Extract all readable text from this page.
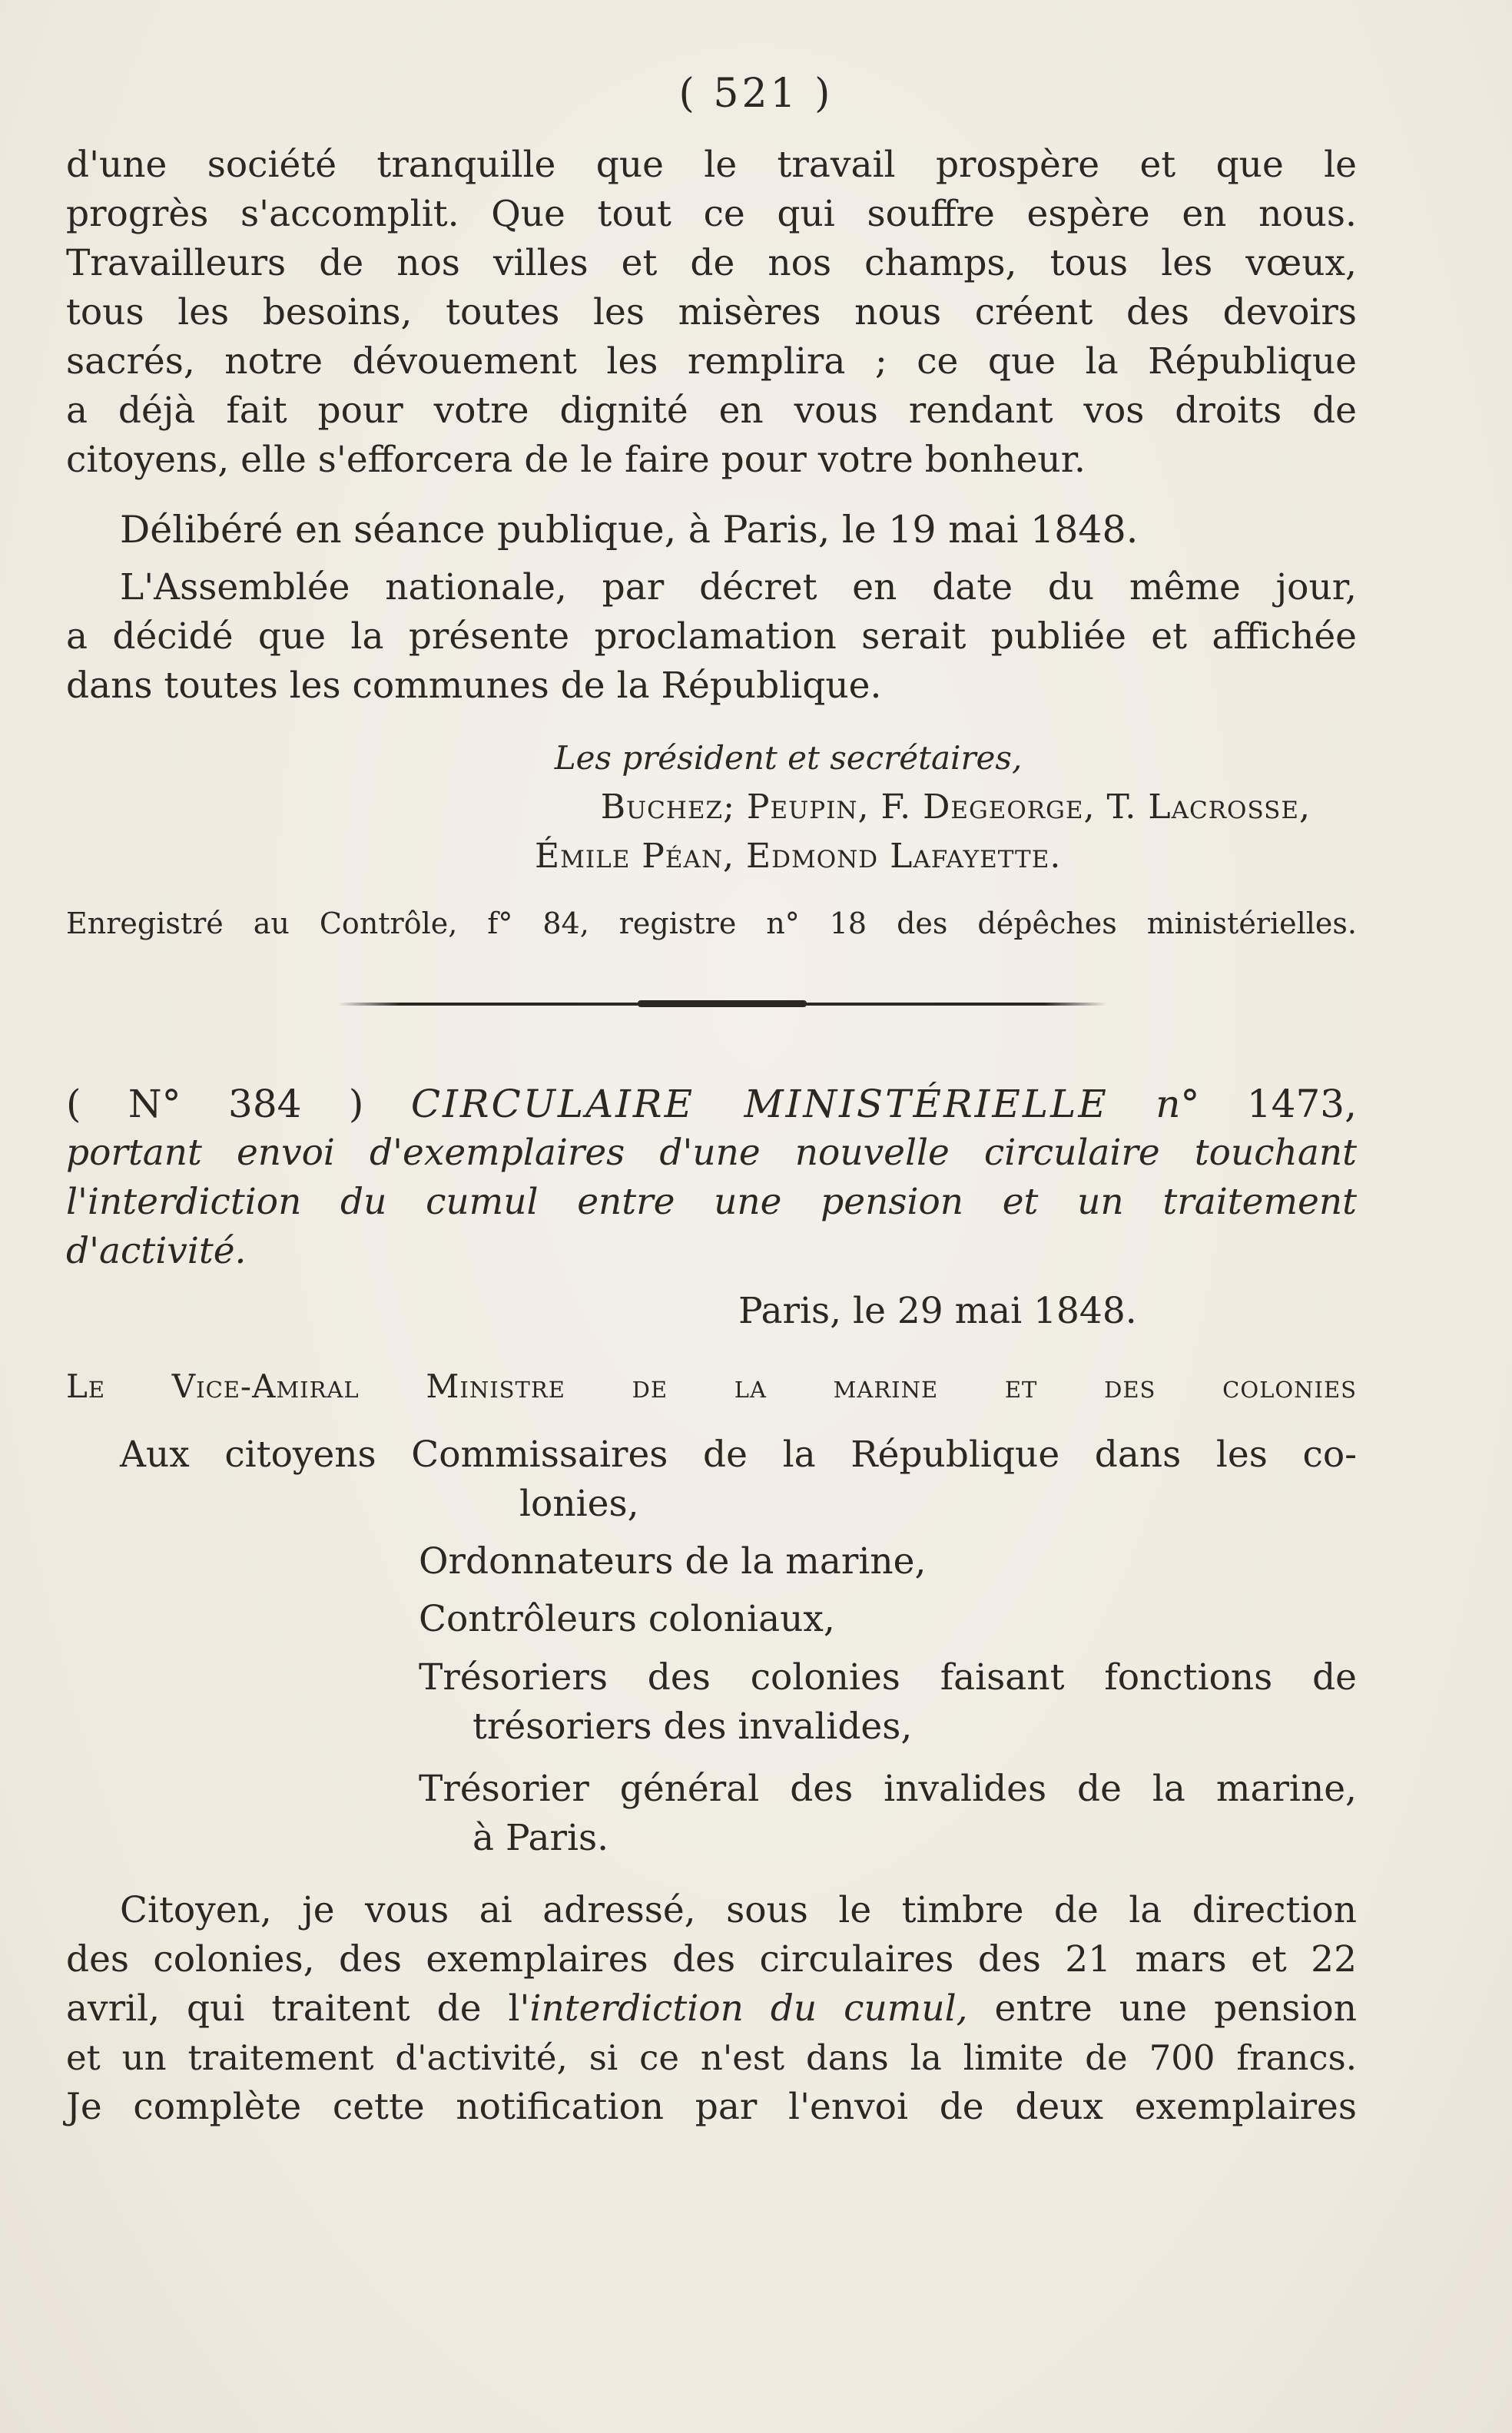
( 521 )
d'une société tranquille que le travail prospère et que le
progrès s'accomplit. Que tout ce qui souffre espère en nous.
Travailleurs de nos villes et de nos champs, tous les vœux,
tous les besoins, toutes les misères nous créent des devoirs
sacrés, notre dévouement les remplira ; ce que la République
a déjà fait pour votre dignité en vous rendant vos droits de
citoyens, elle s'efforcera de le faire pour votre bonheur.
Délibéré en séance publique, à Paris, le 19 mai 1848.
L'Assemblée nationale, par décret en date du même jour,
a décidé que la présente proclamation serait publiée et affichée
dans toutes les communes de la République.
Les président et secrétaires,
Buchez; Peupin, F. Degeorge, T. Lacrosse,
Émile Péan, Edmond Lafayette.
Enregistré au Contrôle, f° 84, registre n° 18 des dépêches ministérielles.
( N° 384 ) CIRCULAIRE MINISTÉRIELLE n° 1473,
portant envoi d'exemplaires d'une nouvelle circulaire touchant
l'interdiction du cumul entre une pension et un traitement
d'activité.
Paris, le 29 mai 1848.
Le Vice-Amiral Ministre de la marine et des colonies
Aux citoyens Commissaires de la République dans les co-
lonies,
Ordonnateurs de la marine,
Contrôleurs coloniaux,
Trésoriers des colonies faisant fonctions de
trésoriers des invalides,
Trésorier général des invalides de la marine,
à Paris.
Citoyen, je vous ai adressé, sous le timbre de la direction
des colonies, des exemplaires des circulaires des 21 mars et 22
avril, qui traitent de l'interdiction du cumul, entre une pension
et un traitement d'activité, si ce n'est dans la limite de 700 francs.
Je complète cette notification par l'envoi de deux exemplaires
